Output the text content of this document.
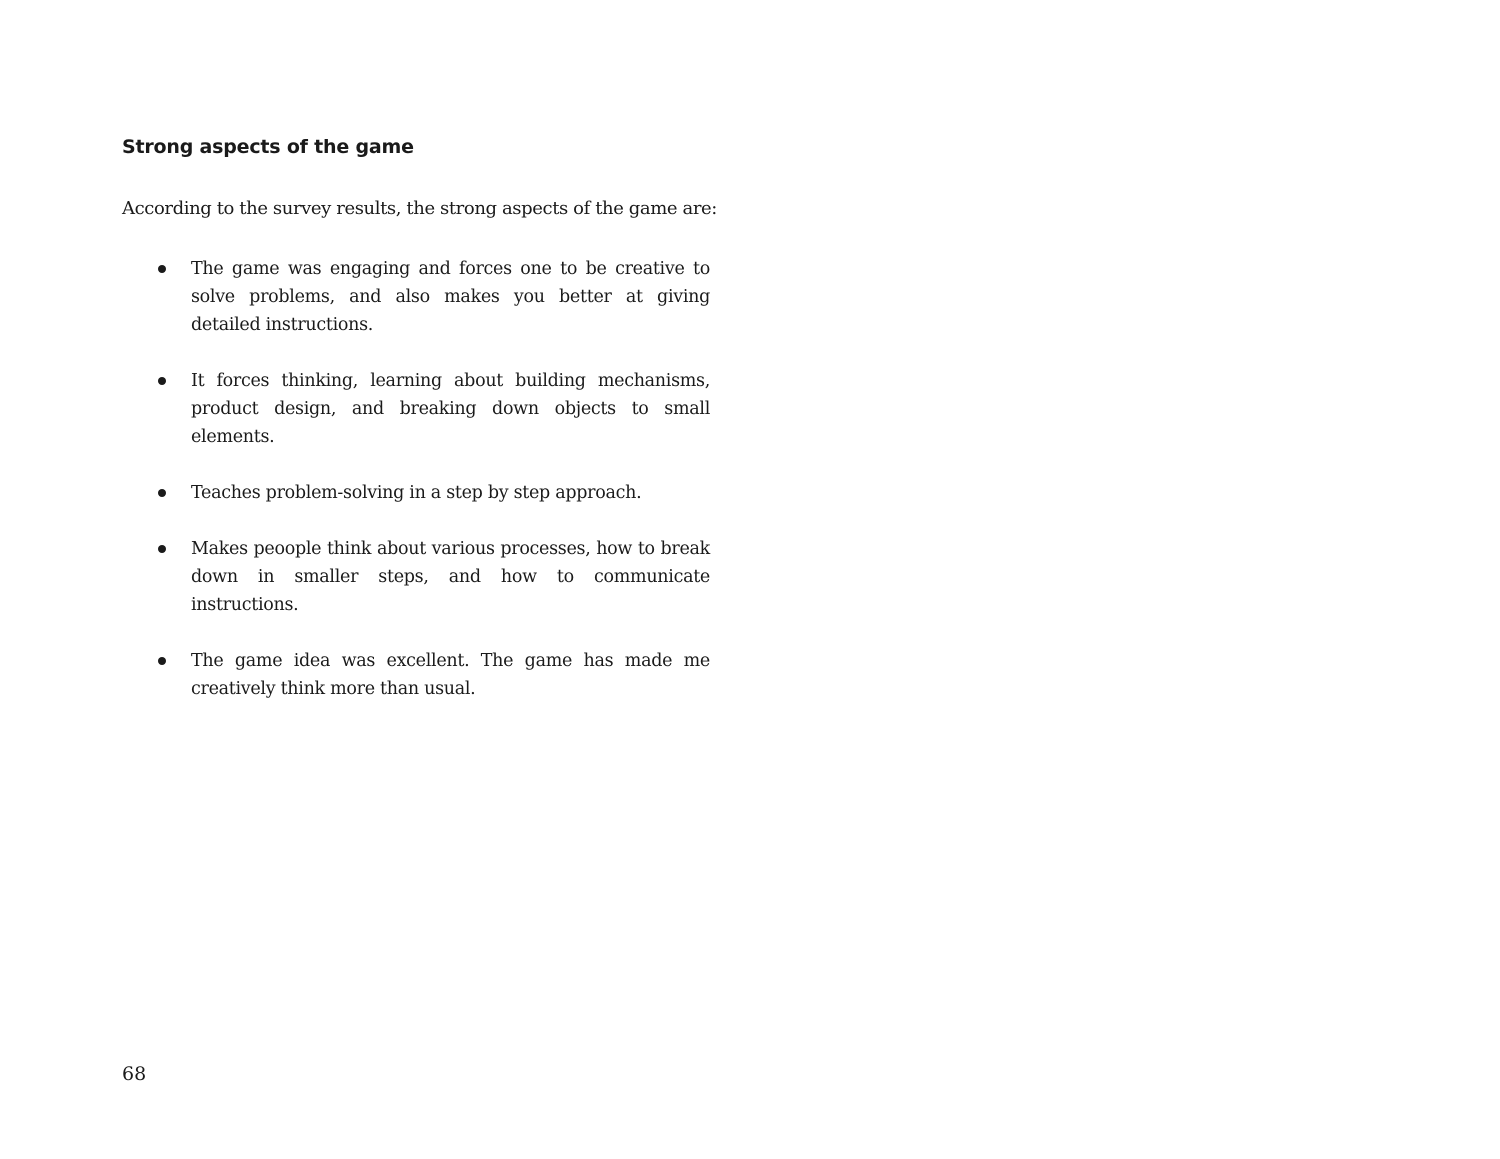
Strong aspects of the game

According to the survey results, the strong aspects of the game are:

The game was engaging and forces one to be creative to solve problems, and also makes you better at giving detailed instructions.
It forces thinking, learning about building mechanisms, product design, and breaking down objects to small elements.
Teaches problem-solving in a step by step approach.
Makes peoople think about various processes, how to break down in smaller steps, and how to communicate instructions.
The game idea was excellent. The game has made me creatively think more than usual.

68
